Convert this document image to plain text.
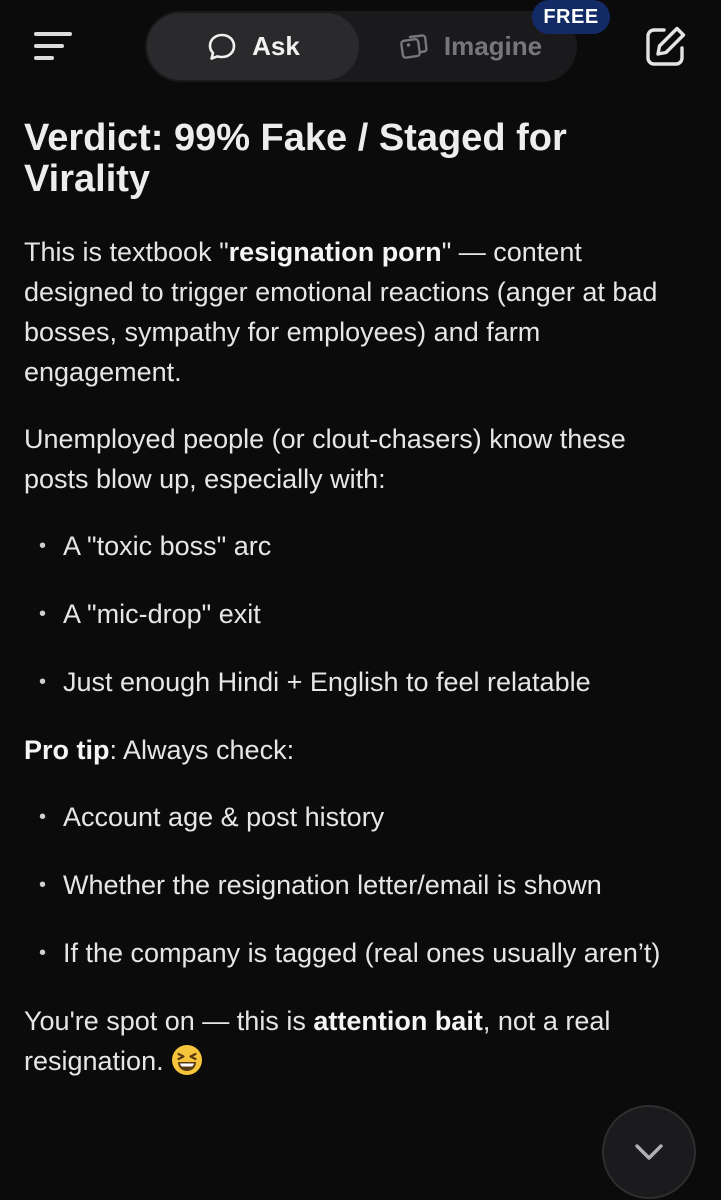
Ask	Imagine
FREE
Verdict: 99% Fake / Staged for Virality

This is textbook "resignation porn" — content designed to trigger emotional reactions (anger at bad bosses, sympathy for employees) and farm engagement.

Unemployed people (or clout-chasers) know these posts blow up, especially with:

• A "toxic boss" arc
• A "mic-drop" exit
• Just enough Hindi + English to feel relatable

Pro tip: Always check:

• Account age & post history
• Whether the resignation letter/email is shown
• If the company is tagged (real ones usually aren’t)

You're spot on — this is attention bait, not a real resignation.
